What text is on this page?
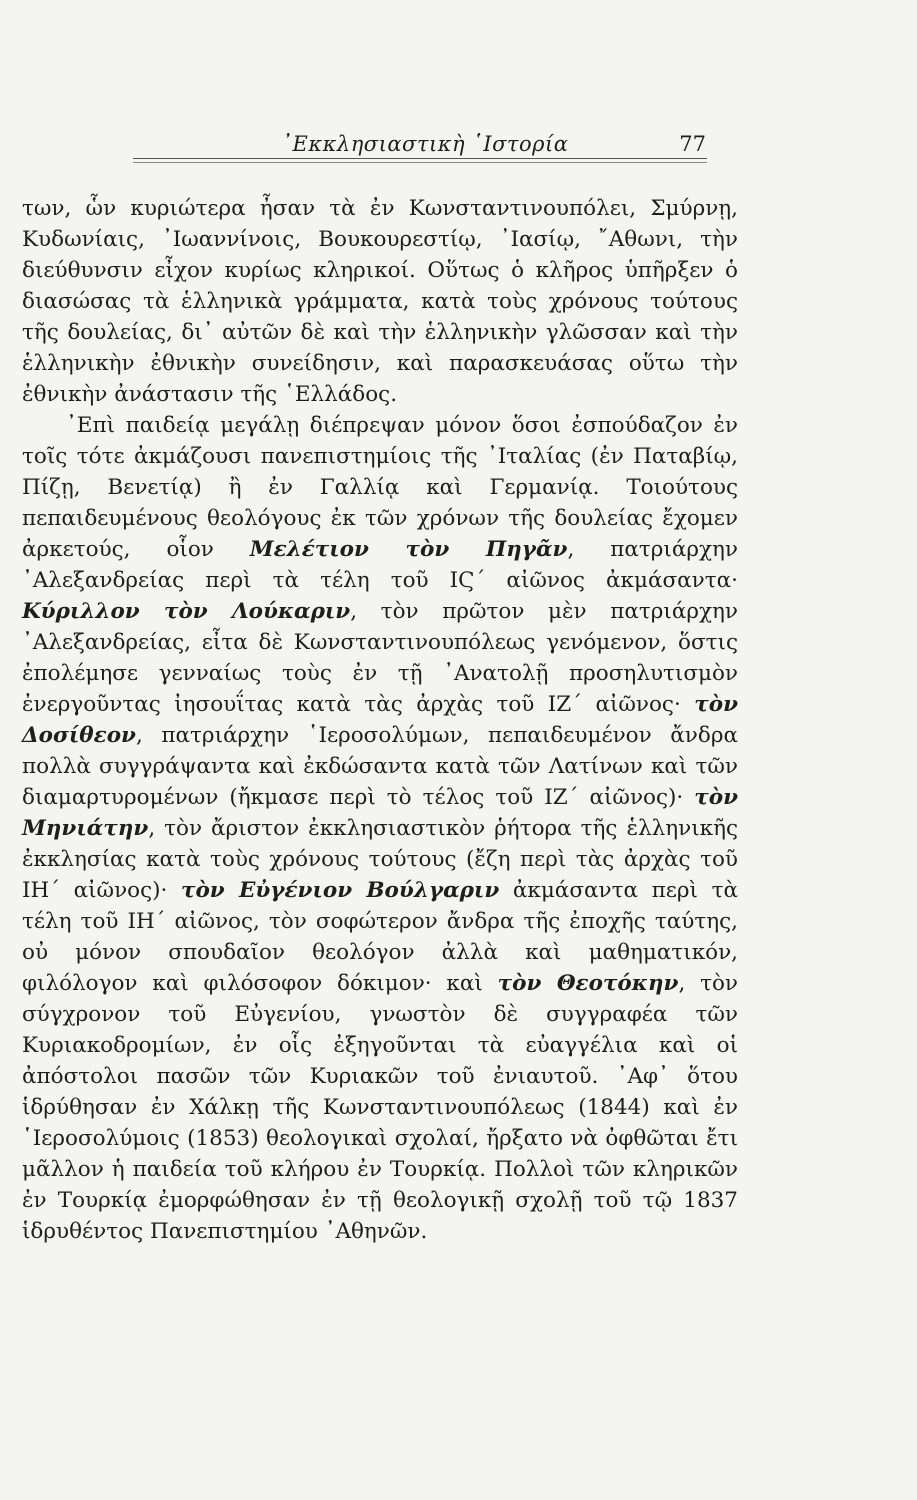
᾿Εκκλησιαστικὴ ῾Ιστορία	77

των, ὧν κυριώτερα ἦσαν τὰ ἐν Κωνσταντινουπόλει, Σμύρνῃ, Κυδωνίαις, ᾿Ιωαννίνοις, Βουκουρεστίῳ, ᾿Ιασίῳ, ῎Αθωνι, τὴν διεύθυνσιν εἶχον κυρίως κληρικοί. Οὕτως ὁ κλῆρος ὑπῆρξεν ὁ διασώσας τὰ ἑλληνικὰ γράμματα, κατὰ τοὺς χρόνους τούτους τῆς δουλείας, δι᾿ αὐτῶν δὲ καὶ τὴν ἑλληνικὴν γλῶσσαν καὶ τὴν ἑλληνικὴν ἐθνικὴν συνείδησιν, καὶ παρασκευάσας οὕτω τὴν ἐθνικὴν ἀνάστασιν τῆς ῾Ελλάδος.

᾿Επὶ παιδείᾳ μεγάλῃ διέπρεψαν μόνον ὅσοι ἐσπούδαζον ἐν τοῖς τότε ἀκμάζουσι πανεπιστημίοις τῆς ᾿Ιταλίας (ἐν Παταβίῳ, Πίζῃ, Βενετίᾳ) ἢ ἐν Γαλλίᾳ καὶ Γερμανίᾳ. Τοιούτους πεπαιδευμένους θεολόγους ἐκ τῶν χρόνων τῆς δουλείας ἔχομεν ἀρκετούς, οἷον Μελέτιον τὸν Πηγᾶν, πατριάρχην ᾿Αλεξανδρείας περὶ τὰ τέλη τοῦ ΙϚ´ αἰῶνος ἀκμάσαντα· Κύριλλον τὸν Λούκαριν, τὸν πρῶτον μὲν πατριάρχην ᾿Αλεξανδρείας, εἶτα δὲ Κωνσταντινουπόλεως γενόμενον, ὅστις ἐπολέμησε γενναίως τοὺς ἐν τῇ ᾿Ανατολῇ προσηλυτισμὸν ἐνεργοῦντας ἰησουΐτας κατὰ τὰς ἀρχὰς τοῦ ΙΖ´ αἰῶνος· τὸν Δοσίθεον, πατριάρχην ῾Ιεροσολύμων, πεπαιδευμένον ἄνδρα πολλὰ συγγράψαντα καὶ ἐκδώσαντα κατὰ τῶν Λατίνων καὶ τῶν διαμαρτυρομένων (ἤκμασε περὶ τὸ τέλος τοῦ ΙΖ´ αἰῶνος)· τὸν Μηνιάτην, τὸν ἄριστον ἐκκλησιαστικὸν ῥήτορα τῆς ἑλληνικῆς ἐκκλησίας κατὰ τοὺς χρόνους τούτους (ἔζη περὶ τὰς ἀρχὰς τοῦ ΙΗ´ αἰῶνος)· τὸν Εὐγένιον Βούλγαριν ἀκμάσαντα περὶ τὰ τέλη τοῦ ΙΗ´ αἰῶνος, τὸν σοφώτερον ἄνδρα τῆς ἐποχῆς ταύτης, οὐ μόνον σπουδαῖον θεολόγον ἀλλὰ καὶ μαθηματικόν, φιλόλογον καὶ φιλόσοφον δόκιμον· καὶ τὸν Θεοτόκην, τὸν σύγχρονον τοῦ Εὐγενίου, γνωστὸν δὲ συγγραφέα τῶν Κυριακοδρομίων, ἐν οἷς ἐξηγοῦνται τὰ εὐαγγέλια καὶ οἱ ἀπόστολοι πασῶν τῶν Κυριακῶν τοῦ ἐνιαυτοῦ. ᾿Αφ᾿ ὅτου ἱδρύθησαν ἐν Χάλκῃ τῆς Κωνσταντινουπόλεως (1844) καὶ ἐν ῾Ιεροσολύμοις (1853) θεολογικαὶ σχολαί, ἤρξατο νὰ ὀφθῶται ἔτι μᾶλλον ἡ παιδεία τοῦ κλήρου ἐν Τουρκίᾳ. Πολλοὶ τῶν κληρικῶν ἐν Τουρκίᾳ ἐμορφώθησαν ἐν τῇ θεολογικῇ σχολῇ τοῦ τῷ 1837 ἱδρυθέντος Πανεπιστημίου ᾿Αθηνῶν.
